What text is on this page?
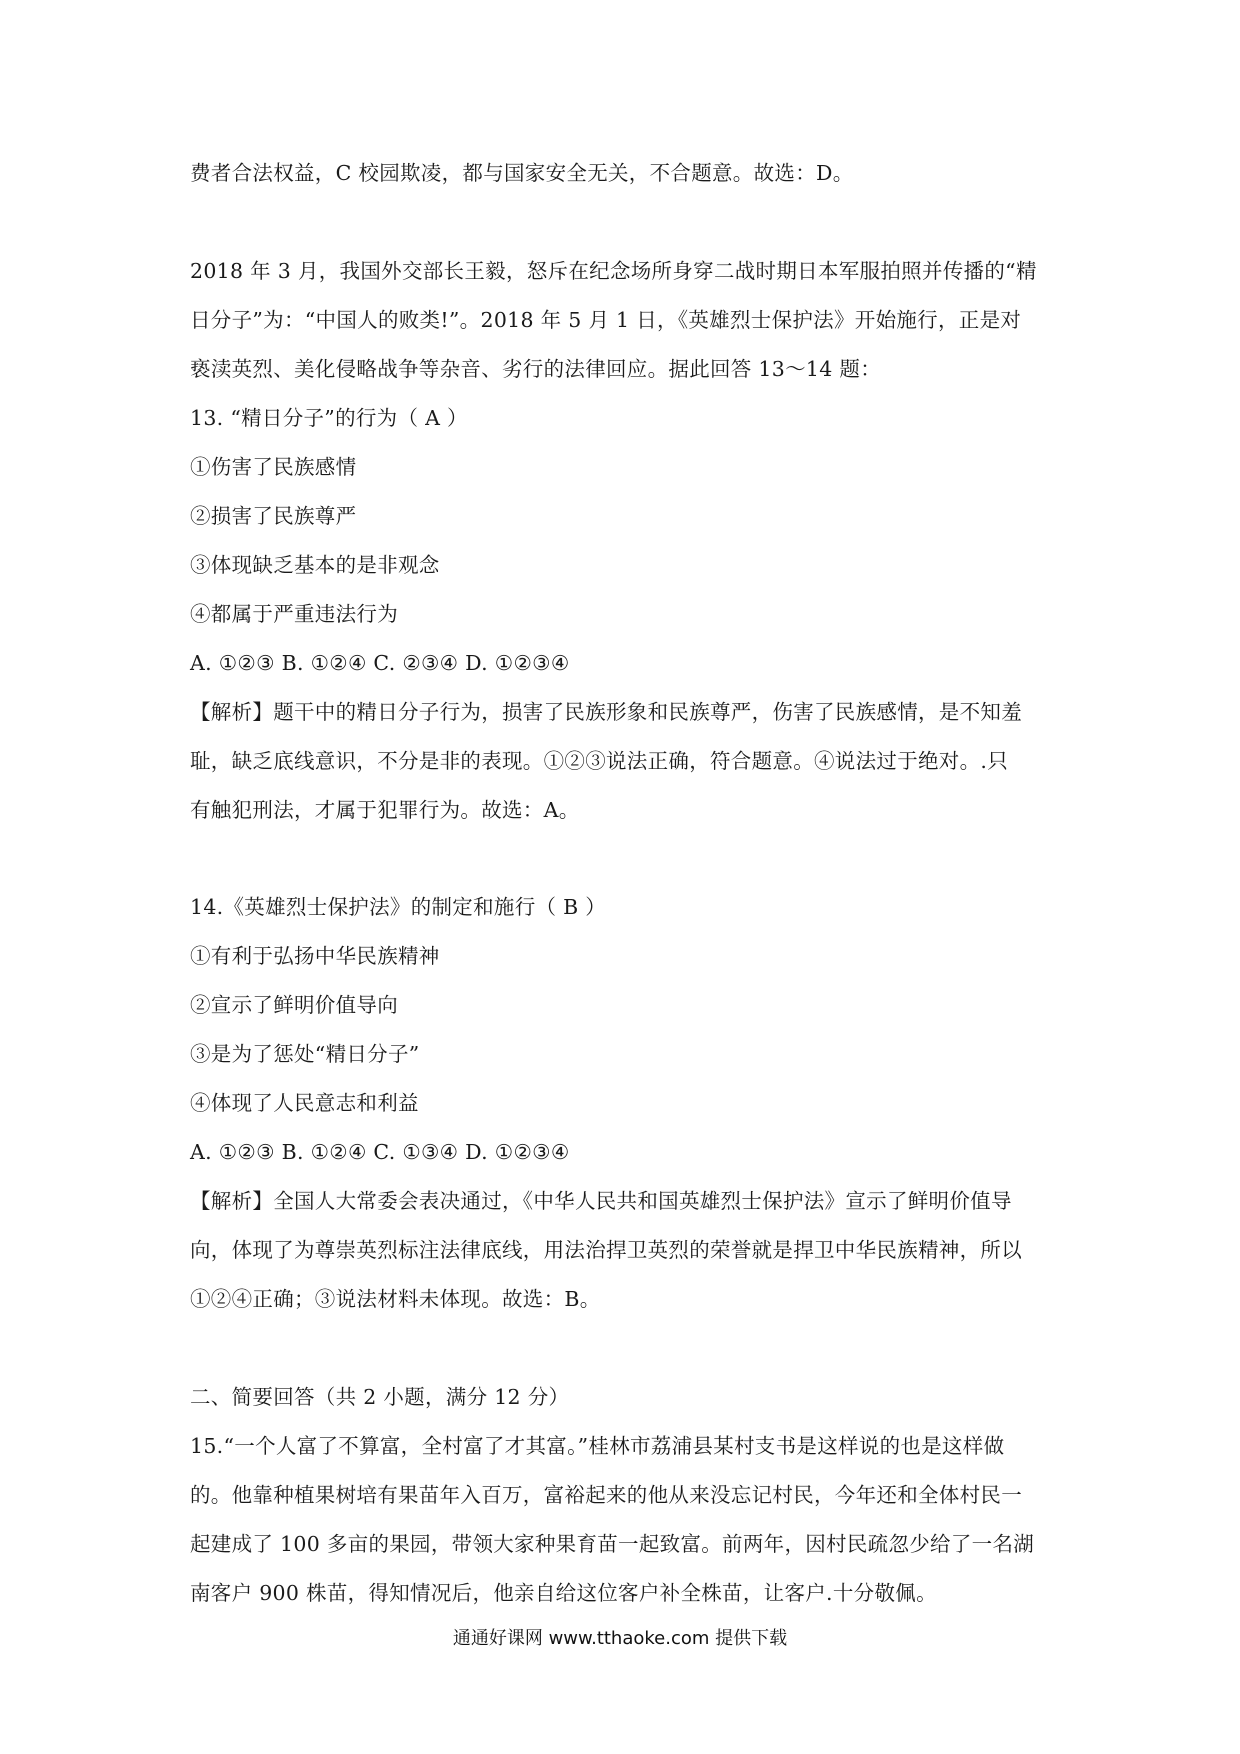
费者合法权益，C 校园欺凌，都与国家安全无关，不合题意。故选：D。
2018 年 3 月，我国外交部长王毅，怒斥在纪念场所身穿二战时期日本军服拍照并传播的“精
日分子”为：“中国人的败类!”。2018 年 5 月 1 日，《英雄烈士保护法》开始施行，正是对
亵渎英烈、美化侵略战争等杂音、劣行的法律回应。据此回答 13～14 题：
13. “精日分子”的行为（ A ）
①伤害了民族感情
②损害了民族尊严
③体现缺乏基本的是非观念
④都属于严重违法行为
A. ①②③ B. ①②④ C. ②③④ D. ①②③④
【解析】题干中的精日分子行为，损害了民族形象和民族尊严，伤害了民族感情，是不知羞
耻，缺乏底线意识，不分是非的表现。①②③说法正确，符合题意。④说法过于绝对。.只
有触犯刑法，才属于犯罪行为。故选：A。
14.《英雄烈士保护法》的制定和施行（ B ）
①有利于弘扬中华民族精神
②宣示了鲜明价值导向
③是为了惩处“精日分子”
④体现了人民意志和利益
A. ①②③ B. ①②④ C. ①③④ D. ①②③④
【解析】全国人大常委会表决通过，《中华人民共和国英雄烈士保护法》宣示了鲜明价值导
向，体现了为尊崇英烈标注法律底线，用法治捍卫英烈的荣誉就是捍卫中华民族精神，所以
①②④正确；③说法材料未体现。故选：B。
二、简要回答（共 2 小题，满分 12 分）
15.“一个人富了不算富，全村富了才其富。”桂林市荔浦县某村支书是这样说的也是这样做
的。他靠种植果树培有果苗年入百万，富裕起来的他从来没忘记村民，今年还和全体村民一
起建成了 100 多亩的果园，带领大家种果育苗一起致富。前两年，因村民疏忽少给了一名湖
南客户 900 株苗，得知情况后，他亲自给这位客户补全株苗，让客户.十分敬佩。
通通好课网 www.tthaoke.com 提供下载
